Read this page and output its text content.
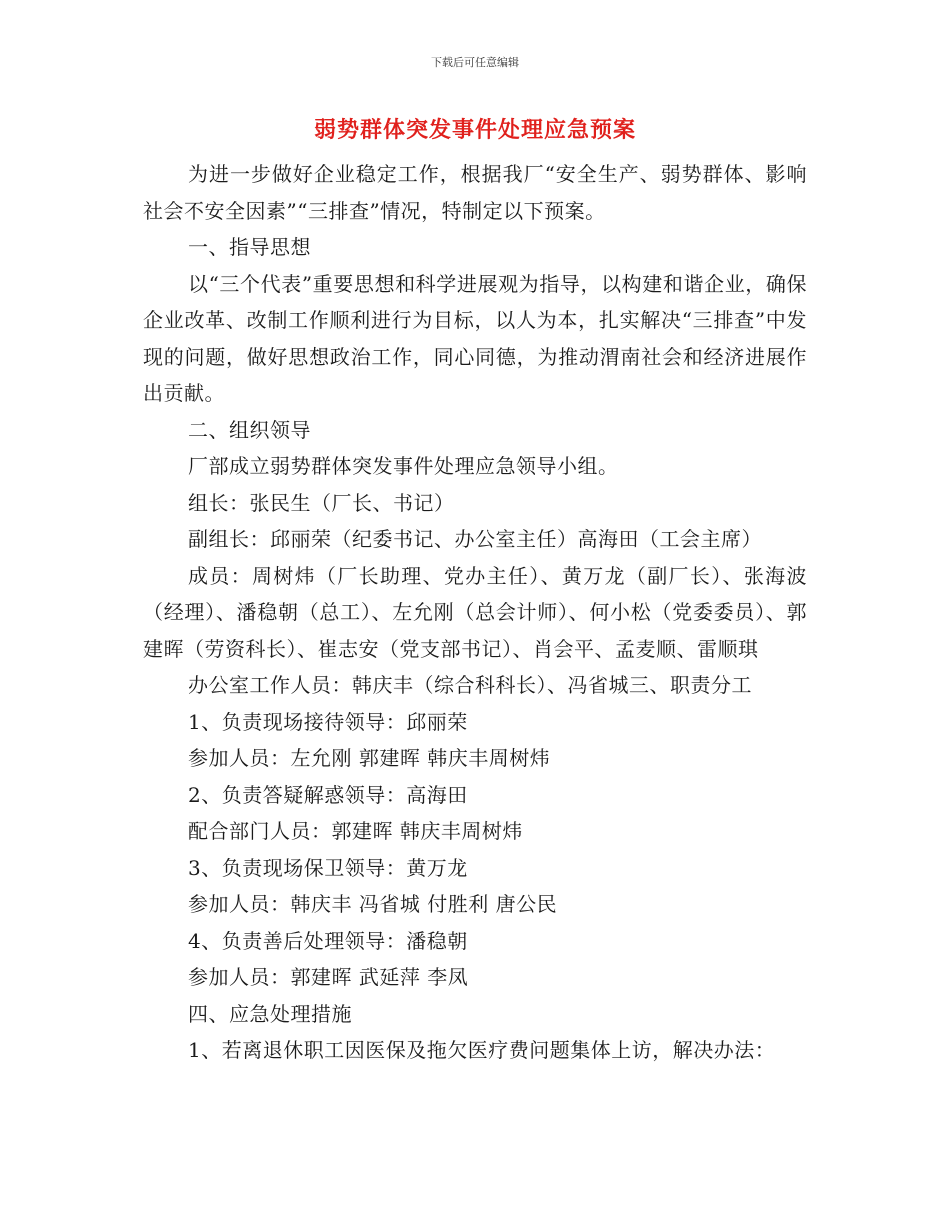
下载后可任意编辑
弱势群体突发事件处理应急预案

为进一步做好企业稳定工作，根据我厂“安全生产、弱势群体、影响社会不安全因素”“三排查”情况，特制定以下预案。

一、指导思想

以“三个代表”重要思想和科学进展观为指导，以构建和谐企业，确保企业改革、改制工作顺利进行为目标，以人为本，扎实解决“三排查”中发现的问题，做好思想政治工作，同心同德，为推动渭南社会和经济进展作出贡献。

二、组织领导

厂部成立弱势群体突发事件处理应急领导小组。

组长：张民生（厂长、书记）

副组长：邱丽荣（纪委书记、办公室主任）高海田（工会主席）

成员：周树炜（厂长助理、党办主任）、黄万龙（副厂长）、张海波（经理）、潘稳朝（总工）、左允刚（总会计师）、何小松（党委委员）、郭建晖（劳资科长）、崔志安（党支部书记）、肖会平、孟麦顺、雷顺琪

办公室工作人员：韩庆丰（综合科科长）、冯省城三、职责分工

1、负责现场接待领导：邱丽荣

参加人员：左允刚 郭建晖 韩庆丰周树炜

2、负责答疑解惑领导：高海田

配合部门人员：郭建晖 韩庆丰周树炜

3、负责现场保卫领导：黄万龙

参加人员：韩庆丰 冯省城 付胜利 唐公民

4、负责善后处理领导：潘稳朝

参加人员：郭建晖 武延萍 李凤

四、应急处理措施

1、若离退休职工因医保及拖欠医疗费问题集体上访，解决办法：
